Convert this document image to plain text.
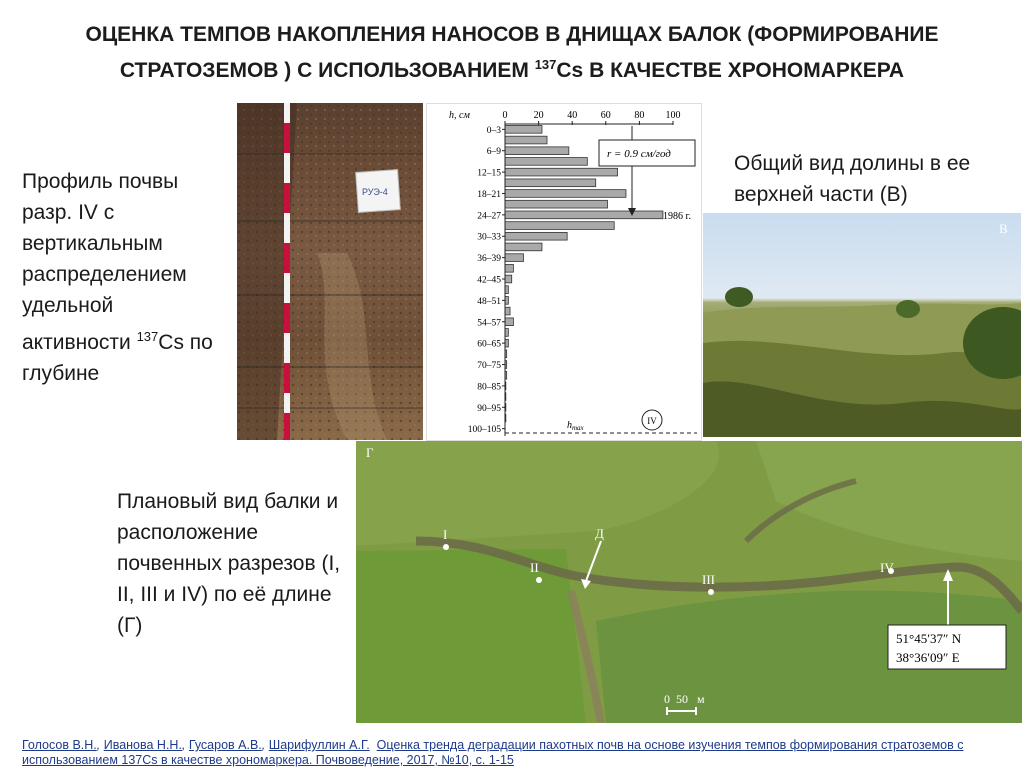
ОЦЕНКА ТЕМПОВ НАКОПЛЕНИЯ НАНОСОВ В ДНИЩАХ БАЛОК (ФОРМИРОВАНИЕ
СТРАТОЗЕМОВ ) С ИСПОЛЬЗОВАНИЕМ $^{137}$Cs В КАЧЕСТВЕ ХРОНОМАРКЕРА
Профиль почвы разр. IV с вертикальным распределением удельной активности $^{137}$Cs по глубине
Общий вид долины в ее верхней части (В)
Плановый вид балки и расположение почвенных разрезов (I, II, III и IV) по её длине (Г)
РУЭ-4
h, см	0	20 40 60 80 100
0–3
6–9
12–15
18–21
24–27
30–33
36–39
42–45
48–51
54–57
60–65
70–75
80–85
90–95
100–105
r = 0.9 см/год
1986 г.
$h_{max}$
IV
В
Г
I
II
III
IV
Д
51°45′37″ N
38°36′09″ E
0 50 м
Голосов В.Н., Иванова Н.Н., Гусаров А.В., Шарифуллин А.Г. Оценка тренда деградации пахотных почв на основе изучения темпов формирования стратоземов с использованием 137Cs в качестве хрономаркера. Почвоведение, 2017, №10, с. 1-15
